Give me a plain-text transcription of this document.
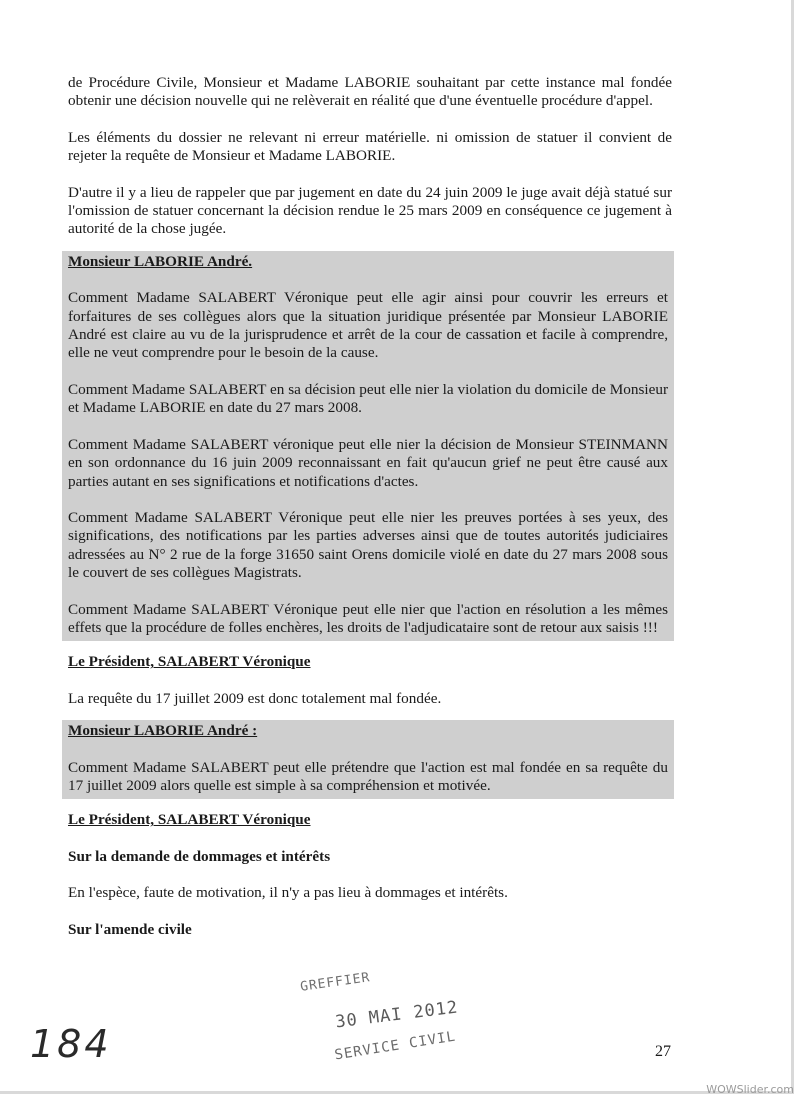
de Procédure Civile, Monsieur et Madame LABORIE souhaitant par cette instance mal fondée obtenir une décision nouvelle qui ne relèverait en réalité que d'une éventuelle procédure d'appel.

Les éléments du dossier ne relevant ni erreur matérielle. ni omission de statuer il convient de rejeter la requête de Monsieur et Madame LABORIE.

D'autre il y a lieu de rappeler que par jugement en date du 24 juin 2009 le juge avait déjà statué sur l'omission de statuer concernant la décision rendue le 25 mars 2009 en conséquence ce jugement à autorité de la chose jugée.

Monsieur LABORIE André.

Comment Madame SALABERT Véronique peut elle agir ainsi pour couvrir les erreurs et forfaitures de ses collègues alors que la situation juridique présentée par Monsieur LABORIE André est claire au vu de la jurisprudence et arrêt de la cour de cassation et facile à comprendre, elle ne veut comprendre pour le besoin de la cause.

Comment Madame SALABERT en sa décision peut elle nier la violation du domicile de Monsieur et Madame LABORIE en date du 27 mars 2008.

Comment Madame SALABERT véronique peut elle nier la décision de Monsieur STEINMANN en son ordonnance du 16 juin 2009 reconnaissant en fait qu'aucun grief ne peut être causé aux parties autant en ses significations et notifications d'actes.

Comment Madame SALABERT Véronique peut elle nier les preuves portées à ses yeux, des significations, des notifications par les parties adverses ainsi que de toutes autorités judiciaires adressées au N° 2 rue de la forge 31650 saint Orens domicile violé en date du 27 mars 2008 sous le couvert de ses collègues Magistrats.

Comment Madame SALABERT Véronique peut elle nier que l'action en résolution a les mêmes effets que la procédure de folles enchères, les droits de l'adjudicataire sont de retour aux saisis !!!

Le Président, SALABERT Véronique

La requête du 17 juillet 2009 est donc totalement mal fondée.

Monsieur LABORIE André :

Comment Madame SALABERT peut elle prétendre que l'action est mal fondée en sa requête du 17 juillet 2009 alors quelle est simple à sa compréhension et motivée.

Le Président, SALABERT Véronique

Sur la demande de dommages et intérêts

En l'espèce, faute de motivation, il n'y a pas lieu à dommages et intérêts.

Sur l'amende civile

GREFFIER
30 MAI 2012
SERVICE CIVIL
184	27
WOWSlider.com
